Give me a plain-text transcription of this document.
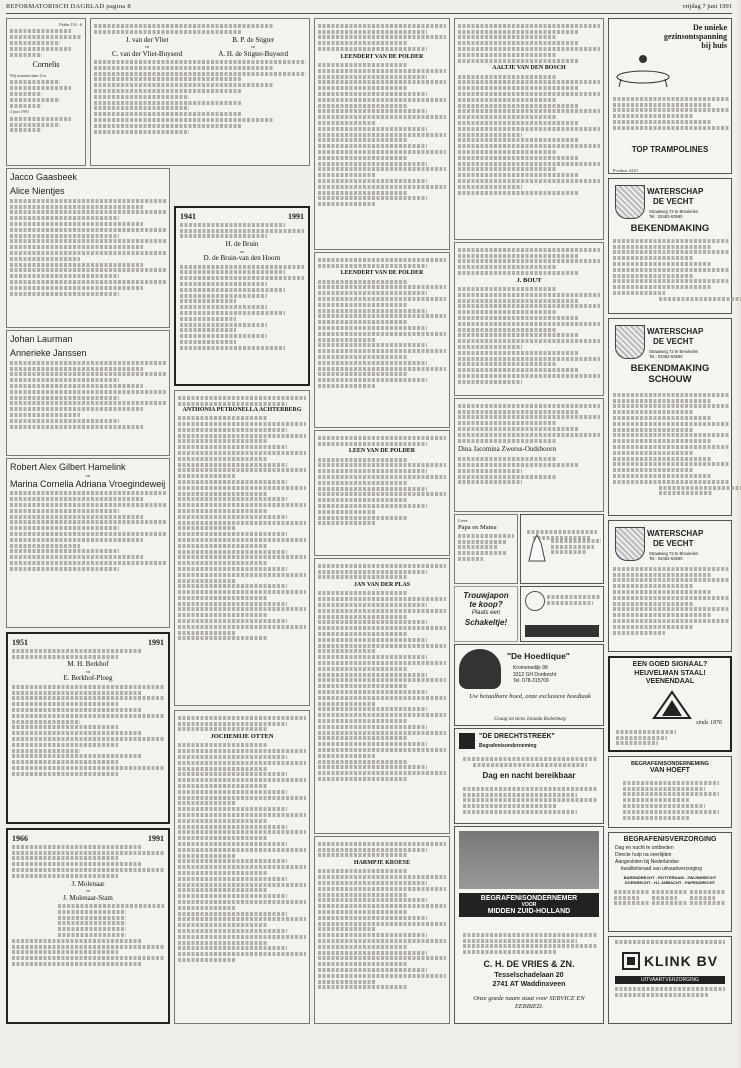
REFORMATORISCH DAGBLAD pagina 8	vrijdag 7 juni 1991
Psalm 116 : 6
Cornelis
Wij noemen hem Cor.
3 juni 1991
Jacco Gaasbeek
Alice Nientjes
Johan Laurman
Annerieke Janssen
Robert Alex Gilbert Hamelink
en
Marina Cornelia Adriana Vroegindeweij
1951	1991
M. H. Berkhof
en
E. Berkhof-Ploeg
1966	1991
J. Molenaar
en
J. Molenaar-Stam
J. van der Vliet
en
C. van der Vliet-Buyserd
B. P. de Stigter
en
A. H. de Stigter-Buyserd
1941	1991
H. de Bruin
en
D. de Bruin-van den Hoorn
ANTHONIA PETRONELLA ACHTERBERG
JOCHEMIJE OTTEN
LEENDERT VAN DE POLDER
LEENDERT VAN DE POLDER
LEEN VAN DE POLDER
JAN VAN DER PLAS
HARMPJE KROESE
AALTJE VAN DEN BOSCH
J. BOUT
Dina Jacomina Zwerus-Oudsboorn
Lieve
Papa en Mama

Trouwjapon
te koop?
Plaats een
Schakeltje!
"De Hoedtique"
Kromenedijk 98
3312 GH Dordrecht
Tel. 078-315706
Uw betaalbare hoed, onze exclusieve hoedtaak
Graag tot ziens Jolanda Rodenburg
"DE DRECHTSTREEK"
Begrafenisonderneming
Dag en nacht bereikbaar
BEGRAFENISONDERNEMER
VOOR
MIDDEN ZUID-HOLLAND
C. H. DE VRIES & ZN.
Tesselschadelaan 20
2741 AT Waddinxveen
Onze goede naam staat voor SERVICE EN EERBIED.
De unieke
gezinsontspanning
bij huis
TOP TRAMPOLINES

Postbus 4410

WATERSCHAP
DE VECHT
Straatweg 72 te Breukelen
Tel.: 03462-63590
BEKENDMAKING
WATERSCHAP
DE VECHT
Straatweg 72 te Breukelen
Tel.: 03462-63590
BEKENDMAKING SCHOUW
WATERSCHAP
DE VECHT
Straatweg 72 te Breukelen
Tel.: 03462-63590
EEN GOED SIGNAAL?
HEUVELMAN STAAL!
VEENENDAAL
sinds 1876
BEGRAFENISONDERNEMING
VAN HOEFT
BEGRAFENISVERZORGING
Dag en nacht te ontbieden
Directe hulp na overlijden
Aangesloten bij Nederlandse
kwaliteitsraad van uitvaartverzorging
BARENDRECHT - ROTTERDAM - ZWIJNDRECHT
DORDRECHT - H.I. AMBACHT - PAPENDRECHT
KLINK BV
UITVAARTVERZORGING
